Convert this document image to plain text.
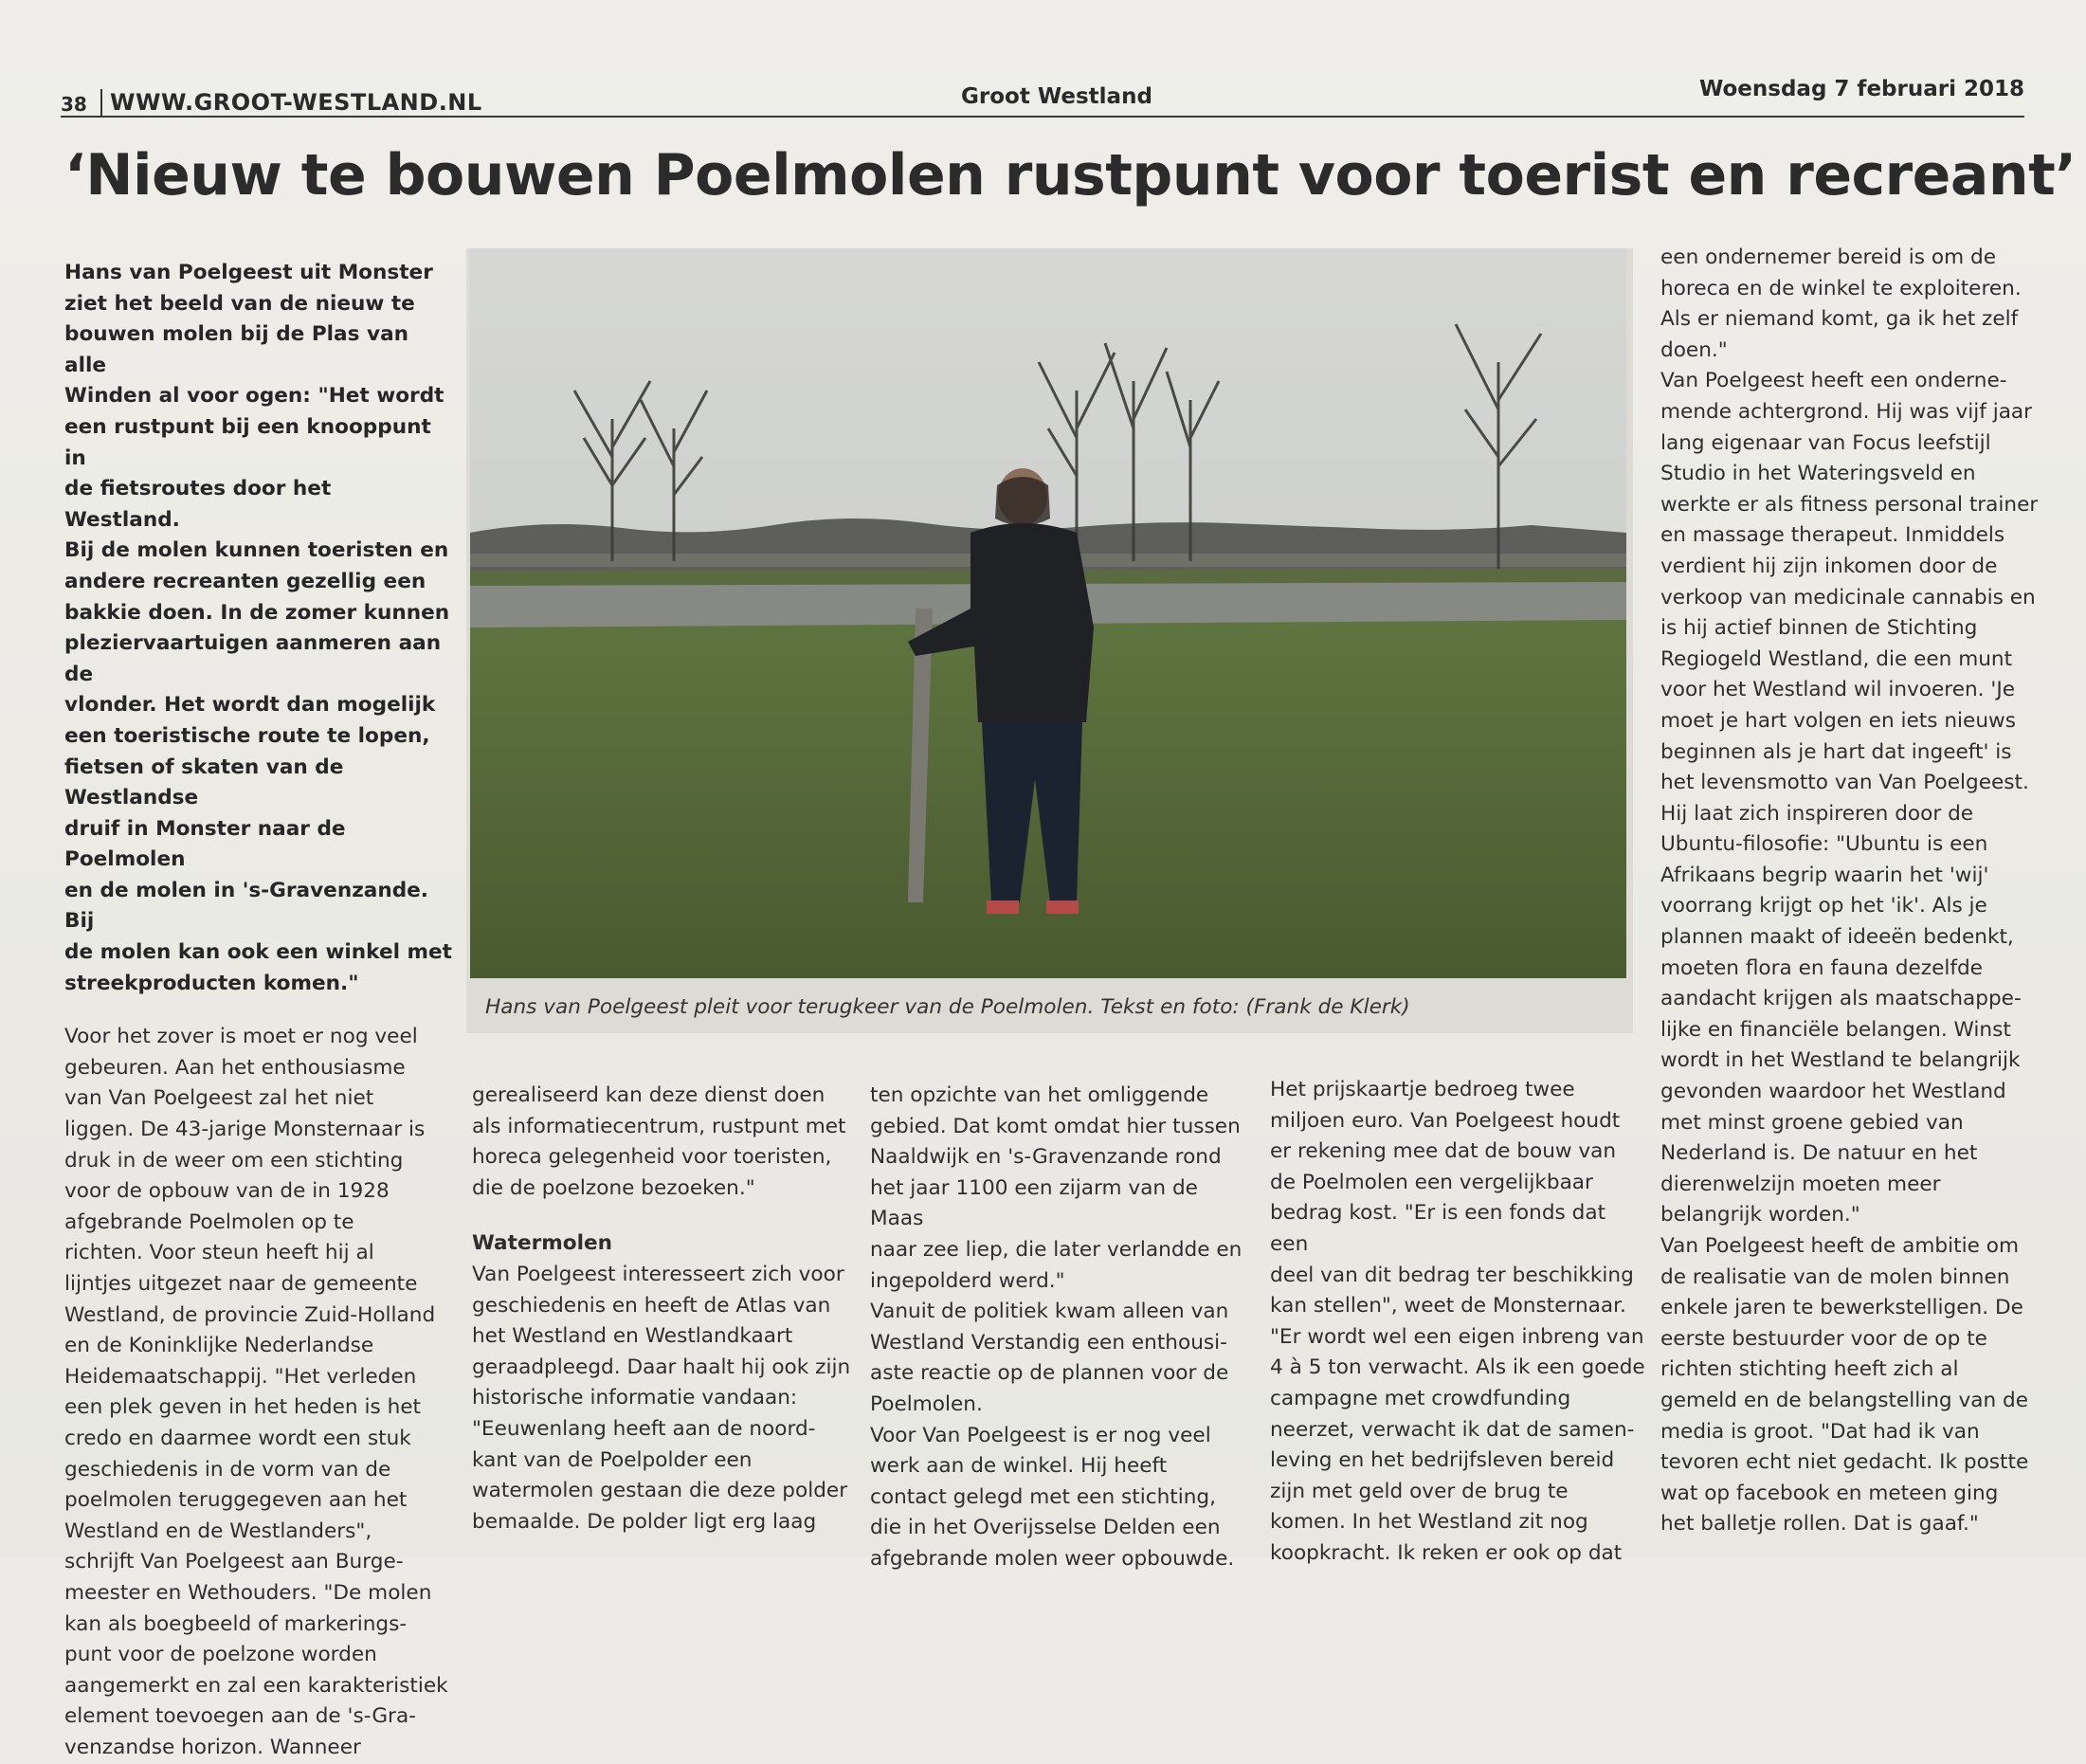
38 WWW.GROOT-WESTLAND.NL	Groot Westland	Woensdag 7 februari 2018
‘Nieuw te bouwen Poelmolen rustpunt voor toerist en recreant’

Hans van Poelgeest uit Monster

ziet het beeld van de nieuw te

bouwen molen bij de Plas van alle

Winden al voor ogen: "Het wordt

een rustpunt bij een knooppunt in

de fietsroutes door het Westland.

Bij de molen kunnen toeristen en

andere recreanten gezellig een

bakkie doen. In de zomer kunnen

pleziervaartuigen aanmeren aan de

vlonder. Het wordt dan mogelijk

een toeristische route te lopen,

fietsen of skaten van de Westlandse

druif in Monster naar de Poelmolen

en de molen in 's-Gravenzande. Bij

de molen kan ook een winkel met

streekproducten komen."

Voor het zover is moet er nog veel

gebeuren. Aan het enthousiasme

van Van Poelgeest zal het niet

liggen. De 43-jarige Monsternaar is

druk in de weer om een stichting

voor de opbouw van de in 1928

afgebrande Poelmolen op te

richten. Voor steun heeft hij al

lijntjes uitgezet naar de gemeente

Westland, de provincie Zuid-Holland

en de Koninklijke Nederlandse

Heidemaatschappij. "Het verleden

een plek geven in het heden is het

credo en daarmee wordt een stuk

geschiedenis in de vorm van de

poelmolen teruggegeven aan het

Westland en de Westlanders",

schrijft Van Poelgeest aan Burge-

meester en Wethouders. "De molen

kan als boegbeeld of markerings-

punt voor de poelzone worden

aangemerkt en zal een karakteristiek

element toevoegen aan de 's-Gra-

venzandse horizon. Wanneer

Hans van Poelgeest pleit voor terugkeer van de Poelmolen. Tekst en foto: (Frank de Klerk)

gerealiseerd kan deze dienst doen

als informatiecentrum, rustpunt met

horeca gelegenheid voor toeristen,

die de poelzone bezoeken."

Watermolen

Van Poelgeest interesseert zich voor

geschiedenis en heeft de Atlas van

het Westland en Westlandkaart

geraadpleegd. Daar haalt hij ook zijn

historische informatie vandaan:

"Eeuwenlang heeft aan de noord-

kant van de Poelpolder een

watermolen gestaan die deze polder

bemaalde. De polder ligt erg laag

ten opzichte van het omliggende

gebied. Dat komt omdat hier tussen

Naaldwijk en 's-Gravenzande rond

het jaar 1100 een zijarm van de Maas

naar zee liep, die later verlandde en

ingepolderd werd."

Vanuit de politiek kwam alleen van

Westland Verstandig een enthousi-

aste reactie op de plannen voor de

Poelmolen.

Voor Van Poelgeest is er nog veel

werk aan de winkel. Hij heeft

contact gelegd met een stichting,

die in het Overijsselse Delden een

afgebrande molen weer opbouwde.

Het prijskaartje bedroeg twee

miljoen euro. Van Poelgeest houdt

er rekening mee dat de bouw van

de Poelmolen een vergelijkbaar

bedrag kost. "Er is een fonds dat een

deel van dit bedrag ter beschikking

kan stellen", weet de Monsternaar.

"Er wordt wel een eigen inbreng van

4 à 5 ton verwacht. Als ik een goede

campagne met crowdfunding

neerzet, verwacht ik dat de samen-

leving en het bedrijfsleven bereid

zijn met geld over de brug te

komen. In het Westland zit nog

koopkracht. Ik reken er ook op dat

een ondernemer bereid is om de

horeca en de winkel te exploiteren.

Als er niemand komt, ga ik het zelf

doen."

Van Poelgeest heeft een onderne-

mende achtergrond. Hij was vijf jaar

lang eigenaar van Focus leefstijl

Studio in het Wateringsveld en

werkte er als fitness personal trainer

en massage therapeut. Inmiddels

verdient hij zijn inkomen door de

verkoop van medicinale cannabis en

is hij actief binnen de Stichting

Regiogeld Westland, die een munt

voor het Westland wil invoeren. 'Je

moet je hart volgen en iets nieuws

beginnen als je hart dat ingeeft' is

het levensmotto van Van Poelgeest.

Hij laat zich inspireren door de

Ubuntu-filosofie: "Ubuntu is een

Afrikaans begrip waarin het 'wij'

voorrang krijgt op het 'ik'. Als je

plannen maakt of ideeën bedenkt,

moeten flora en fauna dezelfde

aandacht krijgen als maatschappe-

lijke en financiële belangen. Winst

wordt in het Westland te belangrijk

gevonden waardoor het Westland

met minst groene gebied van

Nederland is. De natuur en het

dierenwelzijn moeten meer

belangrijk worden."

Van Poelgeest heeft de ambitie om

de realisatie van de molen binnen

enkele jaren te bewerkstelligen. De

eerste bestuurder voor de op te

richten stichting heeft zich al

gemeld en de belangstelling van de

media is groot. "Dat had ik van

tevoren echt niet gedacht. Ik postte

wat op facebook en meteen ging

het balletje rollen. Dat is gaaf."
